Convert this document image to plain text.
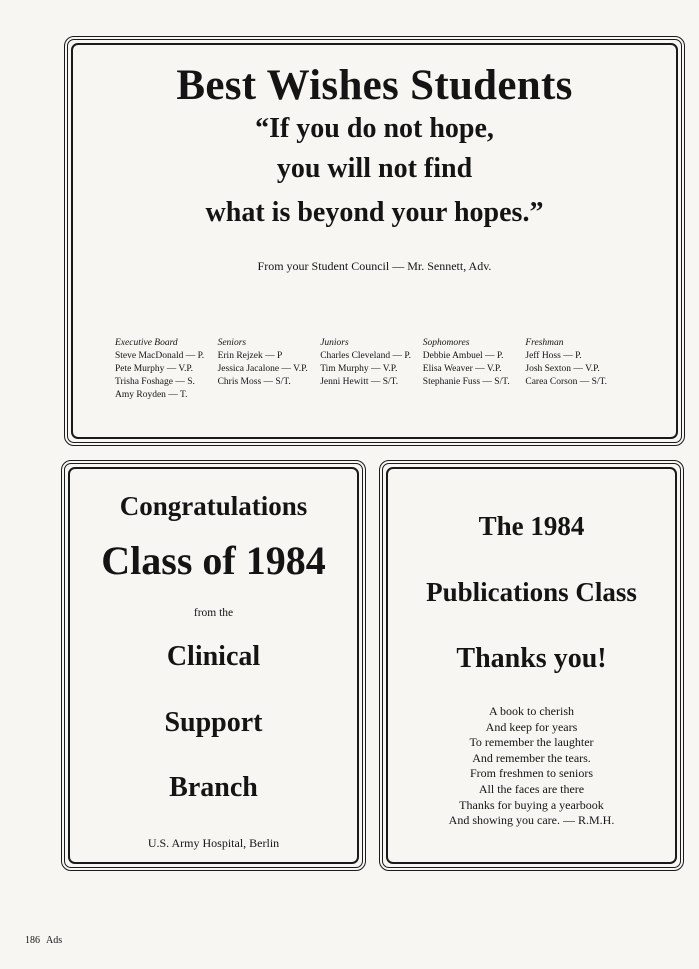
Best Wishes Students

“If you do not hope,

you will not find

what is beyond your hopes.”

From your Student Council — Mr. Sennett, Adv.

Executive Board
Steve MacDonald — P.
Pete Murphy — V.P.
Trisha Foshage — S.
Amy Royden — T.
Seniors
Erin Rejzek — P
Jessica Jacalone — V.P.
Chris Moss — S/T.
Juniors
Charles Cleveland — P.
Tim Murphy — V.P.
Jenni Hewitt — S/T.
Sophomores
Debbie Ambuel — P.
Elisa Weaver — V.P.
Stephanie Fuss — S/T.
Freshman
Jeff Hoss — P.
Josh Sexton — V.P.
Carea Corson — S/T.

Congratulations

Class of 1984

from the

Clinical

Support

Branch

U.S. Army Hospital, Berlin

The 1984

Publications Class

Thanks you!

A book to cherish
And keep for years
To remember the laughter
And remember the tears.
From freshmen to seniors
All the faces are there
Thanks for buying a yearbook
And showing you care. — R.M.H.
186 Ads
